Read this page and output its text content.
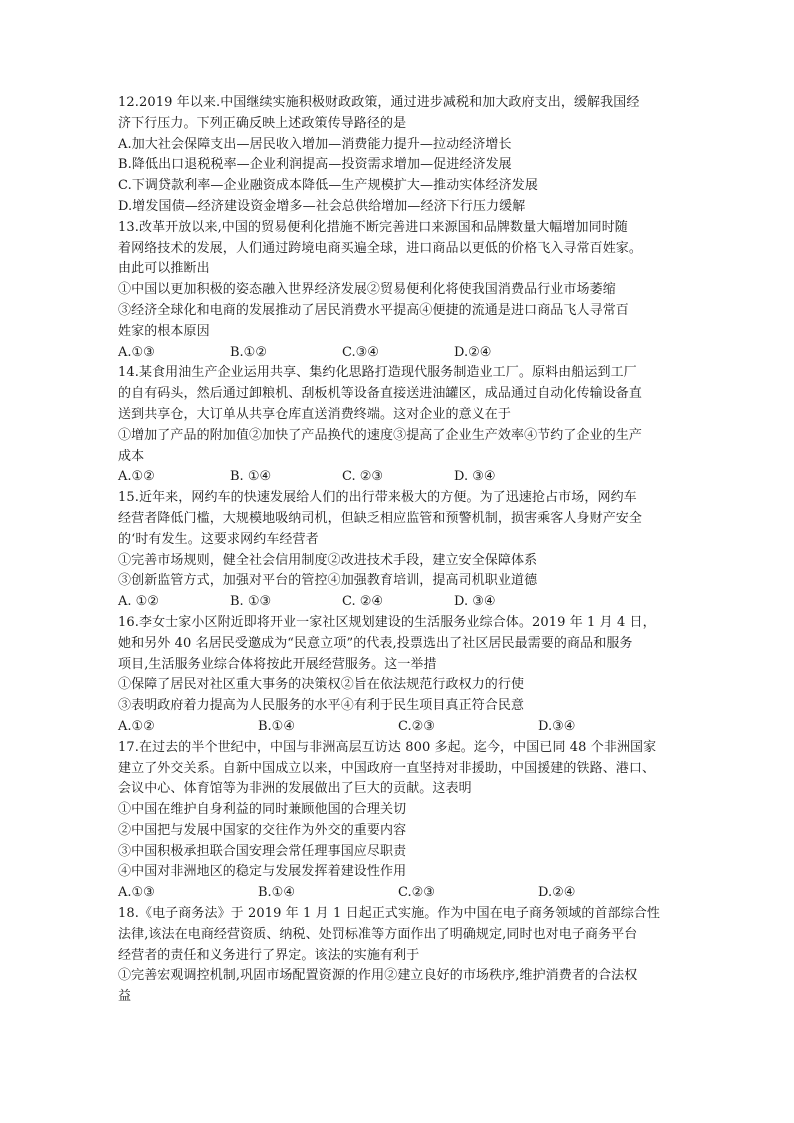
12.2019 年以来.中国继续实施积极财政政策，通过进步减税和加大政府支出，缓解我国经
济下行压力。下列正确反映上述政策传导路径的是
A.加大社会保障支出—居民收入增加—消费能力提升—拉动经济增长
B.降低出口退税税率—企业利润提高—投资需求增加—促进经济发展
C.下调贷款利率—企业融资成本降低—生产规模扩大—推动实体经济发展
D.增发国债—经济建设资金增多—社会总供给增加—经济下行压力缓解
13.改革开放以来,中国的贸易便利化措施不断完善进口来源国和品牌数量大幅增加同时随
着网络技术的发展，人们通过跨境电商买遍全球，进口商品以更低的价格飞入寻常百姓家。
由此可以推断出
①中国以更加积极的姿态融入世界经济发展②贸易便利化将使我国消费品行业市场萎缩
③经济全球化和电商的发展推动了居民消费水平提高④便捷的流通是进口商品飞人寻常百
姓家的根本原因
A.①③	B.①②	C.③④	D.②④
14.某食用油生产企业运用共享、集约化思路打造现代服务制造业工厂。原料由船运到工厂
的自有码头，然后通过卸粮机、刮板机等设备直接送进油罐区，成品通过自动化传输设备直
送到共享仓，大订单从共享仓库直送消费终端。这对企业的意义在于
①增加了产品的附加值②加快了产品换代的速度③提高了企业生产效率④节约了企业的生产
成本
A.①②	B. ①④	C. ②③	D. ③④
15.近年来，网约车的快速发展给人们的出行带来极大的方便。为了迅速抢占市场，网约车
经营者降低门槛，大规模地吸纳司机，但缺乏相应监管和预警机制，损害乘客人身财产安全
的‘时有发生。这要求网约车经营者
①完善市场规则，健全社会信用制度②改进技术手段，建立安全保障体系
③创新监管方式，加强对平台的管控④加强教育培训，提高司机职业道德
A. ①②	B. ①③	C. ②④	D. ③④
16.李女士家小区附近即将开业一家社区规划建设的生活服务业综合体。2019 年 1 月 4 日，
她和另外 40 名居民受邀成为“民意立项”的代表,投票选出了社区居民最需要的商品和服务
项目,生活服务业综合体将按此开展经营服务。这一举措
①保障了居民对社区重大事务的决策权②旨在依法规范行政权力的行使
③表明政府着力提高为人民服务的水平④有利于民生项目真正符合民意
A.①②	B.①④	C.②③	D.③④
17.在过去的半个世纪中，中国与非洲高层互访达 800 多起。迄今，中国已同 48 个非洲国家
建立了外交关系。自新中国成立以来，中国政府一直坚持对非援助，中国援建的铁路、港口、
会议中心、体育馆等为非洲的发展做出了巨大的贡献。这表明
①中国在维护自身利益的同时兼顾他国的合理关切
②中国把与发展中国家的交往作为外交的重要内容
③中国积极承担联合国安理会常任理事国应尽职责
④中国对非洲地区的稳定与发展发挥着建设性作用
A.①③	B.①④	C.②③	D.②④
18.《电子商务法》于 2019 年 1 月 1 日起正式实施。作为中国在电子商务领域的首部综合性
法律,该法在电商经营资质、纳税、处罚标准等方面作出了明确规定,同时也对电子商务平台
经营者的责任和义务进行了界定。该法的实施有利于
①完善宏观调控机制,巩固市场配置资源的作用②建立良好的市场秩序,维护消费者的合法权
益
